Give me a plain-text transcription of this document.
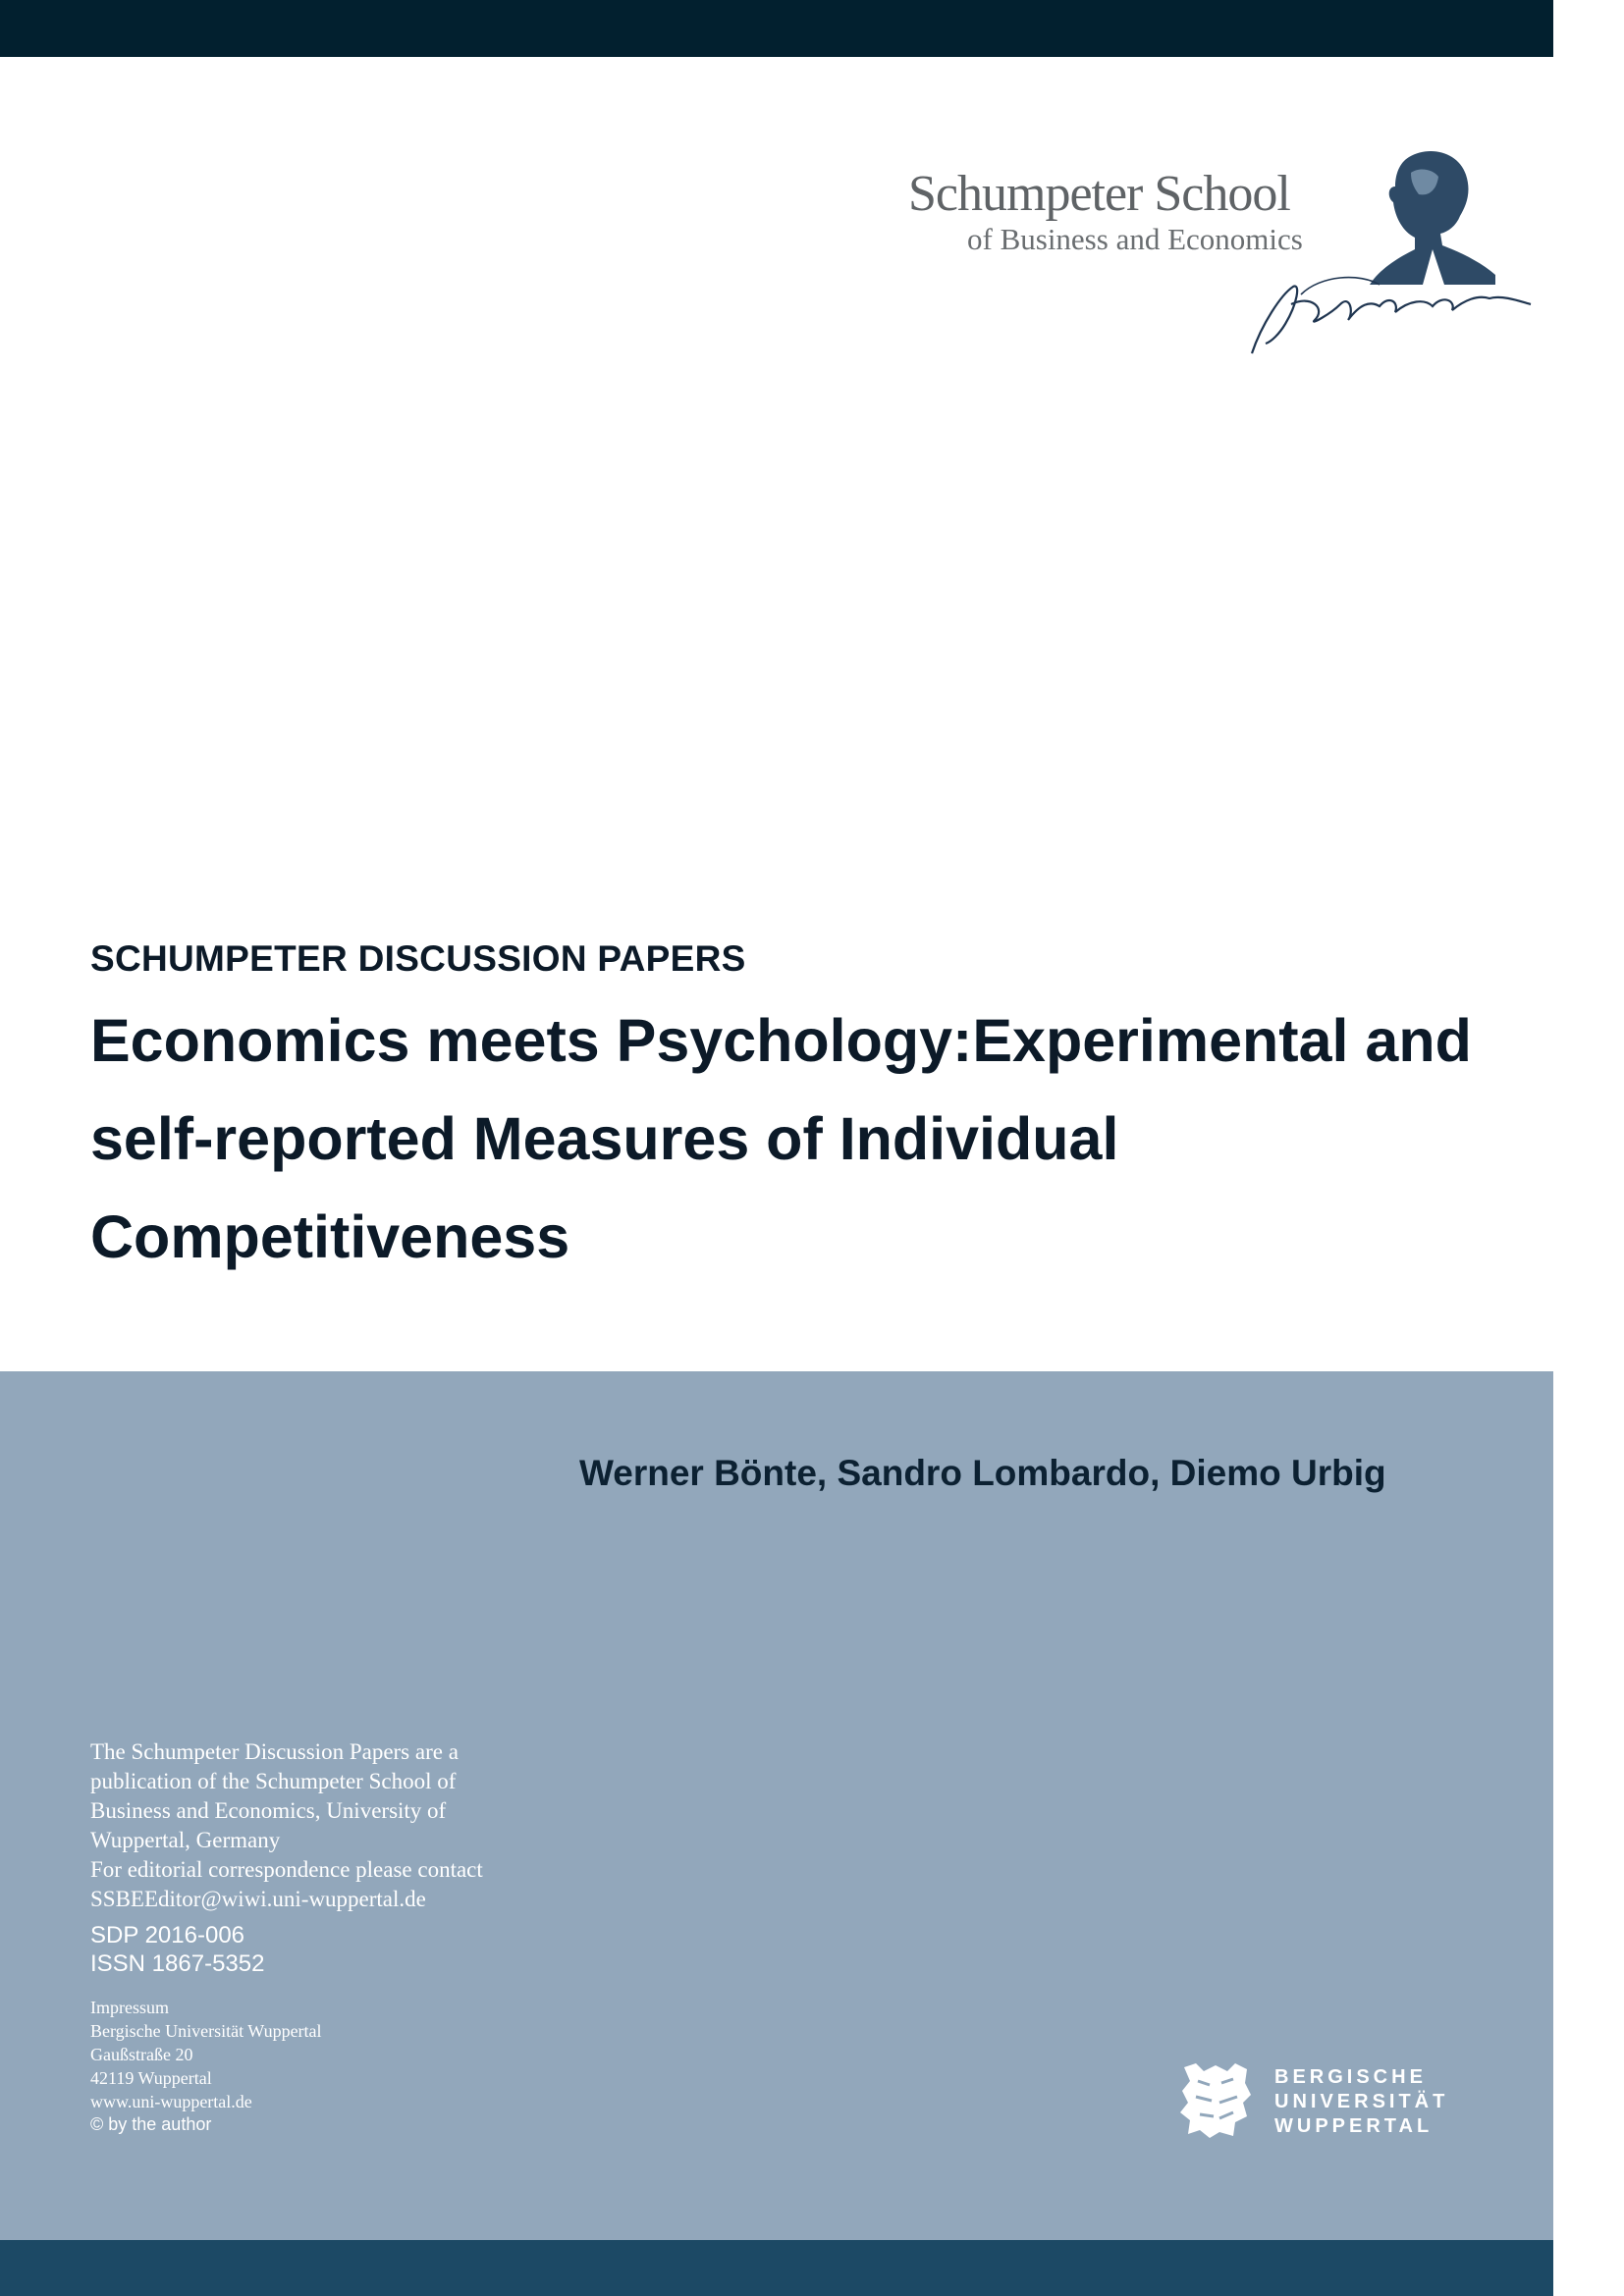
Schumpeter School
of Business and Economics
SCHUMPETER DISCUSSION PAPERS
Economics meets Psychology:Experimental and
self-reported Measures of Individual
Competitiveness
Werner Bönte, Sandro Lombardo, Diemo Urbig
The Schumpeter Discussion Papers are a
publication of the Schumpeter School of
Business and Economics, University of
Wuppertal, Germany
For editorial correspondence please contact
SSBEEditor@wiwi.uni-wuppertal.de
SDP 2016-006
ISSN 1867-5352
Impressum
Bergische Universität Wuppertal
Gaußstraße 20
42119 Wuppertal
www.uni-wuppertal.de
© by the author
BERGISCHE
UNIVERSITÄT
WUPPERTAL
